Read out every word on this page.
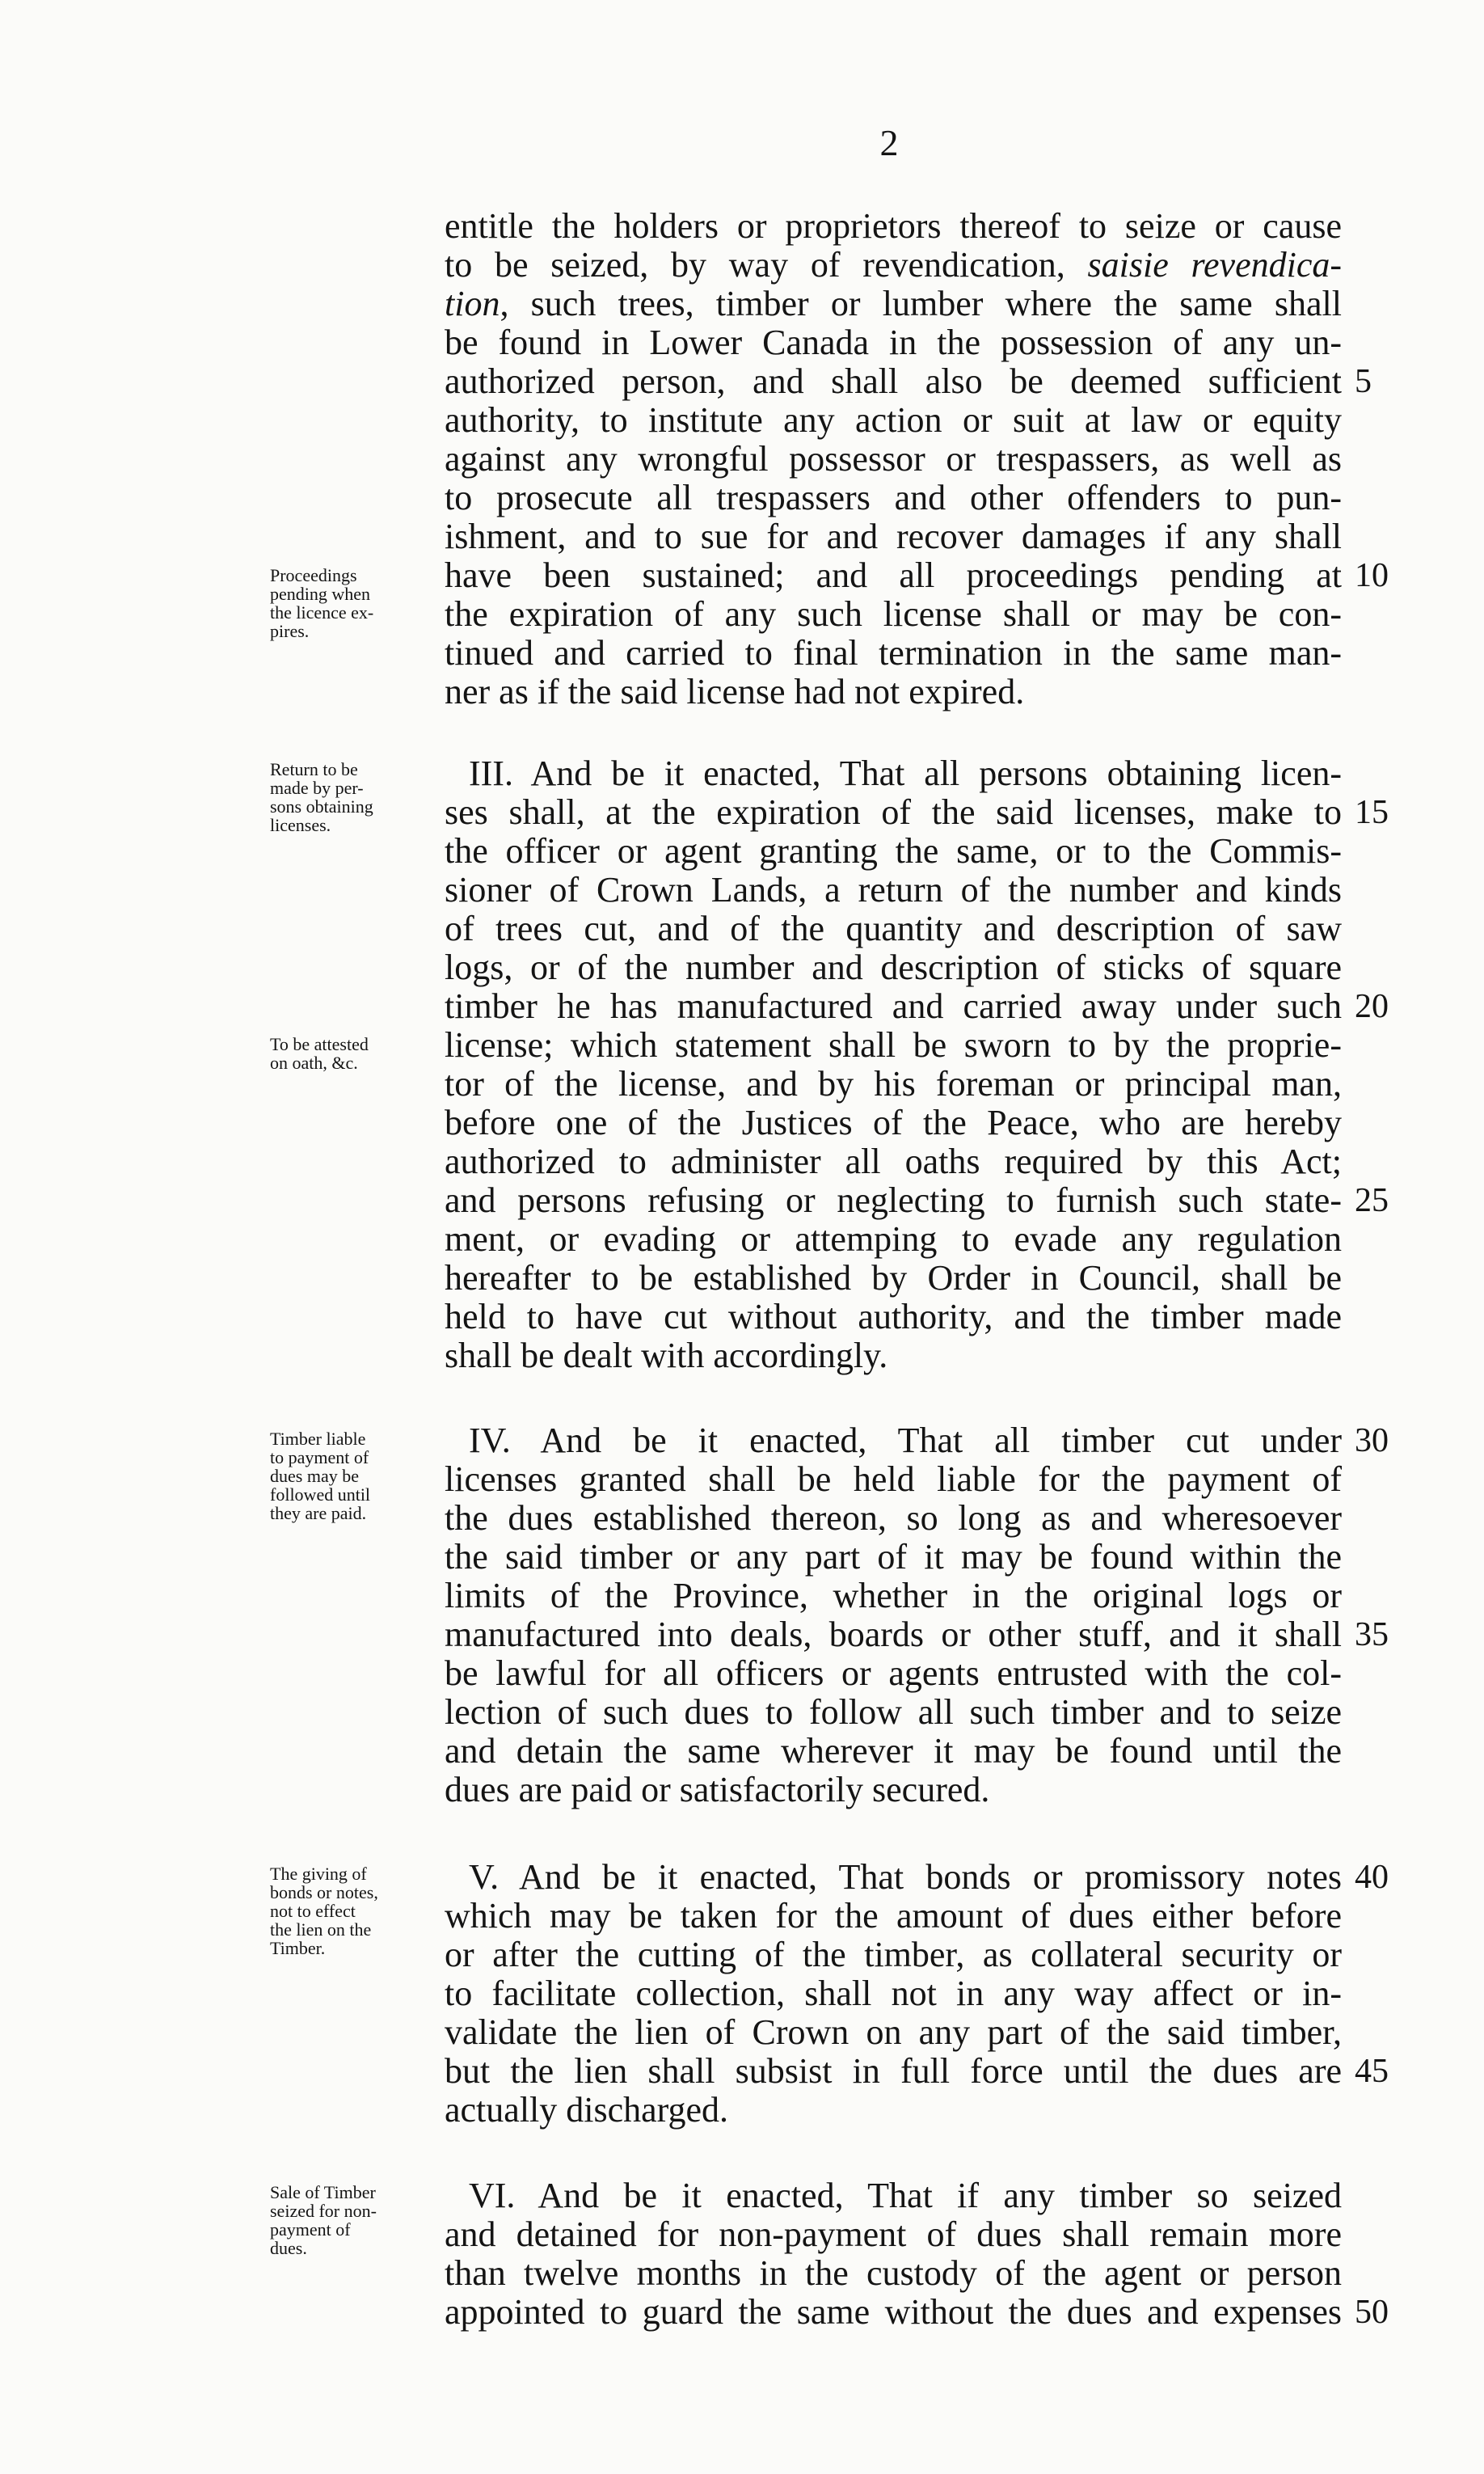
2
entitle the holders or proprietors thereof to seize or cause
to be seized, by way of revendication, saisie revendica-
tion, such trees, timber or lumber where the same shall
be found in Lower Canada in the possession of any un-
authorized person, and shall also be deemed sufficient
authority, to institute any action or suit at law or equity
against any wrongful possessor or trespassers, as well as
to prosecute all trespassers and other offenders to pun-
ishment, and to sue for and recover damages if any shall
have been sustained; and all proceedings pending at
the expiration of any such license shall or may be con-
tinued and carried to final termination in the same man-
ner as if the said license had not expired.
5
10
Proceedings
pending when
the licence ex-
pires.
III. And be it enacted, That all persons obtaining licen-
ses shall, at the expiration of the said licenses, make to
the officer or agent granting the same, or to the Commis-
sioner of Crown Lands, a return of the number and kinds
of trees cut, and of the quantity and description of saw
logs, or of the number and description of sticks of square
timber he has manufactured and carried away under such
license; which statement shall be sworn to by the proprie-
tor of the license, and by his foreman or principal man,
before one of the Justices of the Peace, who are hereby
authorized to administer all oaths required by this Act;
and persons refusing or neglecting to furnish such state-
ment, or evading or attemping to evade any regulation
hereafter to be established by Order in Council, shall be
held to have cut without authority, and the timber made
shall be dealt with accordingly.
15
20
25
Return to be
made by per-
sons obtaining
licenses.
To be attested
on oath, &c.
IV. And be it enacted, That all timber cut under
licenses granted shall be held liable for the payment of
the dues established thereon, so long as and wheresoever
the said timber or any part of it may be found within the
limits of the Province, whether in the original logs or
manufactured into deals, boards or other stuff, and it shall
be lawful for all officers or agents entrusted with the col-
lection of such dues to follow all such timber and to seize
and detain the same wherever it may be found until the
dues are paid or satisfactorily secured.
30
35
Timber liable
to payment of
dues may be
followed until
they are paid.
V. And be it enacted, That bonds or promissory notes
which may be taken for the amount of dues either before
or after the cutting of the timber, as collateral security or
to facilitate collection, shall not in any way affect or in-
validate the lien of Crown on any part of the said timber,
but the lien shall subsist in full force until the dues are
actually discharged.
40
45
The giving of
bonds or notes,
not to effect
the lien on the
Timber.
VI. And be it enacted, That if any timber so seized
and detained for non-payment of dues shall remain more
than twelve months in the custody of the agent or person
appointed to guard the same without the dues and expenses 50
Sale of Timber
seized for non-
payment of
dues.
